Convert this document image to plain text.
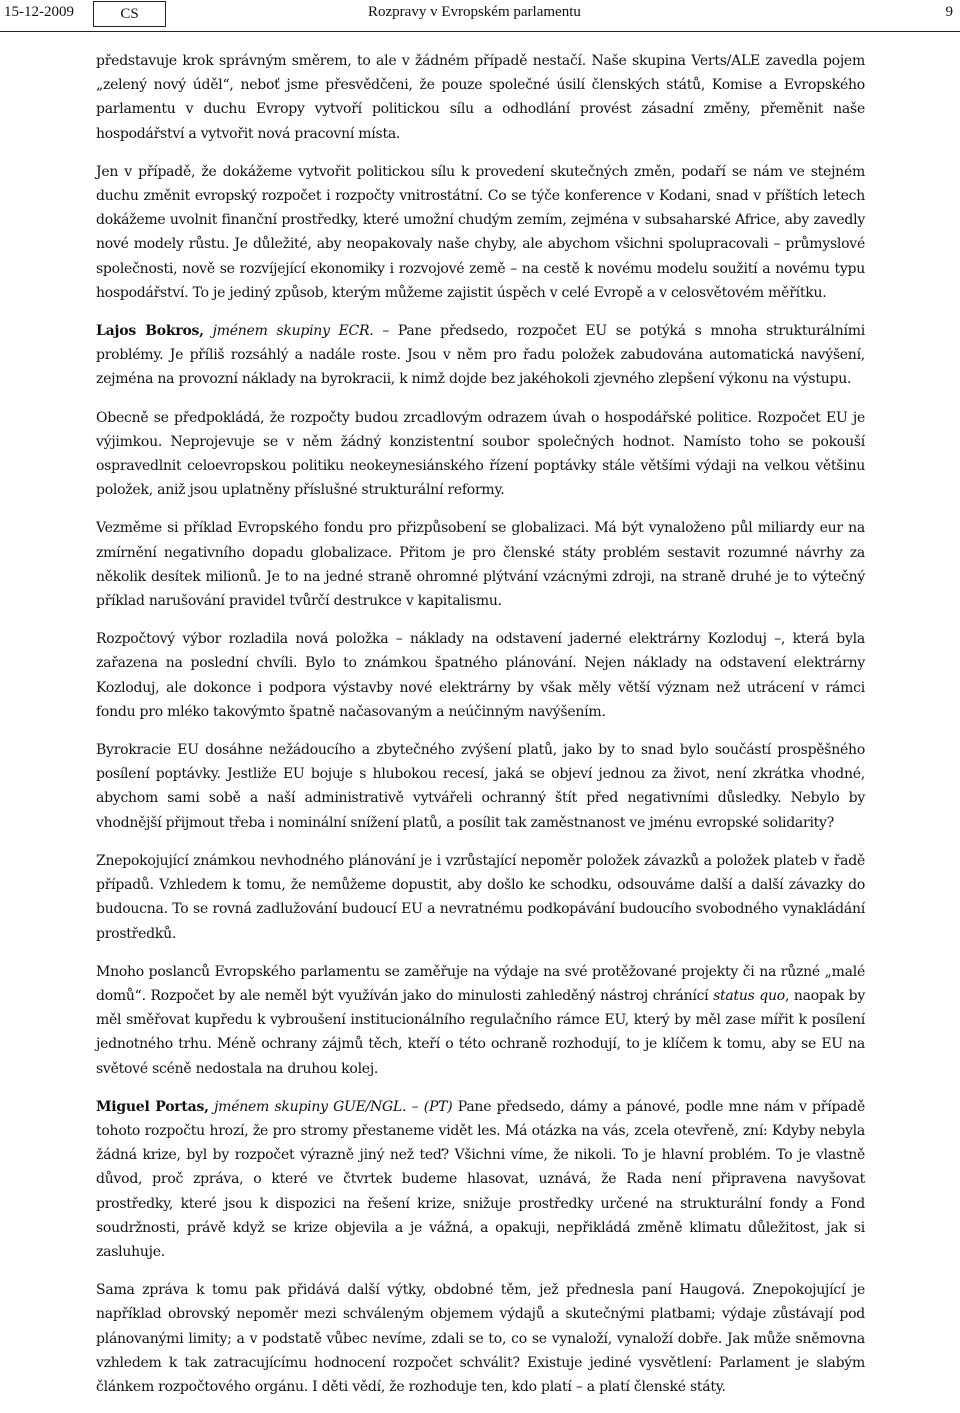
15-12-2009	CS	Rozpravy v Evropském parlamentu	9

představuje krok správným směrem, to ale v žádném případě nestačí. Naše skupina Verts/ALE zavedla pojem „zelený nový úděl“, neboť jsme přesvědčeni, že pouze společné úsilí členských států, Komise a Evropského parlamentu v duchu Evropy vytvoří politickou sílu a odhodlání provést zásadní změny, přeměnit naše hospodářství a vytvořit nová pracovní místa.

Jen v případě, že dokážeme vytvořit politickou sílu k provedení skutečných změn, podaří se nám ve stejném duchu změnit evropský rozpočet i rozpočty vnitrostátní. Co se týče konference v Kodani, snad v příštích letech dokážeme uvolnit finanční prostředky, které umožní chudým zemím, zejména v subsaharské Africe, aby zavedly nové modely růstu. Je důležité, aby neopakovaly naše chyby, ale abychom všichni spolupracovali – průmyslové společnosti, nově se rozvíjející ekonomiky i rozvojové země – na cestě k novému modelu soužití a novému typu hospodářství. To je jediný způsob, kterým můžeme zajistit úspěch v celé Evropě a v celosvětovém měřítku.

Lajos Bokros, jménem skupiny ECR. – Pane předsedo, rozpočet EU se potýká s mnoha strukturálními problémy. Je příliš rozsáhlý a nadále roste. Jsou v něm pro řadu položek zabudována automatická navýšení, zejména na provozní náklady na byrokracii, k nimž dojde bez jakéhokoli zjevného zlepšení výkonu na výstupu.

Obecně se předpokládá, že rozpočty budou zrcadlovým odrazem úvah o hospodářské politice. Rozpočet EU je výjimkou. Neprojevuje se v něm žádný konzistentní soubor společných hodnot. Namísto toho se pokouší ospravedlnit celoevropskou politiku neokeynesiánského řízení poptávky stále většími výdaji na velkou většinu položek, aniž jsou uplatněny příslušné strukturální reformy.

Vezměme si příklad Evropského fondu pro přizpůsobení se globalizaci. Má být vynaloženo půl miliardy eur na zmírnění negativního dopadu globalizace. Přitom je pro členské státy problém sestavit rozumné návrhy za několik desítek milionů. Je to na jedné straně ohromné plýtvání vzácnými zdroji, na straně druhé je to výtečný příklad narušování pravidel tvůrčí destrukce v kapitalismu.

Rozpočtový výbor rozladila nová položka – náklady na odstavení jaderné elektrárny Kozloduj –, která byla zařazena na poslední chvíli. Bylo to známkou špatného plánování. Nejen náklady na odstavení elektrárny Kozloduj, ale dokonce i podpora výstavby nové elektrárny by však měly větší význam než utrácení v rámci fondu pro mléko takovýmto špatně načasovaným a neúčinným navýšením.

Byrokracie EU dosáhne nežádoucího a zbytečného zvýšení platů, jako by to snad bylo součástí prospěšného posílení poptávky. Jestliže EU bojuje s hlubokou recesí, jaká se objeví jednou za život, není zkrátka vhodné, abychom sami sobě a naší administrativě vytvářeli ochranný štít před negativními důsledky. Nebylo by vhodnější přijmout třeba i nominální snížení platů, a posílit tak zaměstnanost ve jménu evropské solidarity?

Znepokojující známkou nevhodného plánování je i vzrůstající nepoměr položek závazků a položek plateb v řadě případů. Vzhledem k tomu, že nemůžeme dopustit, aby došlo ke schodku, odsouváme další a další závazky do budoucna. To se rovná zadlužování budoucí EU a nevratnému podkopávání budoucího svobodného vynakládání prostředků.

Mnoho poslanců Evropského parlamentu se zaměřuje na výdaje na své protěžované projekty či na různé „malé domů“. Rozpočet by ale neměl být využíván jako do minulosti zahleděný nástroj chránící status quo, naopak by měl směřovat kupředu k vybroušení institucionálního regulačního rámce EU, který by měl zase mířit k posílení jednotného trhu. Méně ochrany zájmů těch, kteří o této ochraně rozhodují, to je klíčem k tomu, aby se EU na světové scéně nedostala na druhou kolej.

Miguel Portas, jménem skupiny GUE/NGL. – (PT) Pane předsedo, dámy a pánové, podle mne nám v případě tohoto rozpočtu hrozí, že pro stromy přestaneme vidět les. Má otázka na vás, zcela otevřeně, zní: Kdyby nebyla žádná krize, byl by rozpočet výrazně jiný než teď? Všichni víme, že nikoli. To je hlavní problém. To je vlastně důvod, proč zpráva, o které ve čtvrtek budeme hlasovat, uznává, že Rada není připravena navyšovat prostředky, které jsou k dispozici na řešení krize, snižuje prostředky určené na strukturální fondy a Fond soudržnosti, právě když se krize objevila a je vážná, a opakuji, nepřikládá změně klimatu důležitost, jak si zasluhuje.

Sama zpráva k tomu pak přidává další výtky, obdobné těm, jež přednesla paní Haugová. Znepokojující je například obrovský nepoměr mezi schváleným objemem výdajů a skutečnými platbami; výdaje zůstávají pod plánovanými limity; a v podstatě vůbec nevíme, zdali se to, co se vynaloží, vynaloží dobře. Jak může sněmovna vzhledem k tak zatracujícímu hodnocení rozpočet schválit? Existuje jediné vysvětlení: Parlament je slabým článkem rozpočtového orgánu. I děti vědí, že rozhoduje ten, kdo platí – a platí členské státy.
